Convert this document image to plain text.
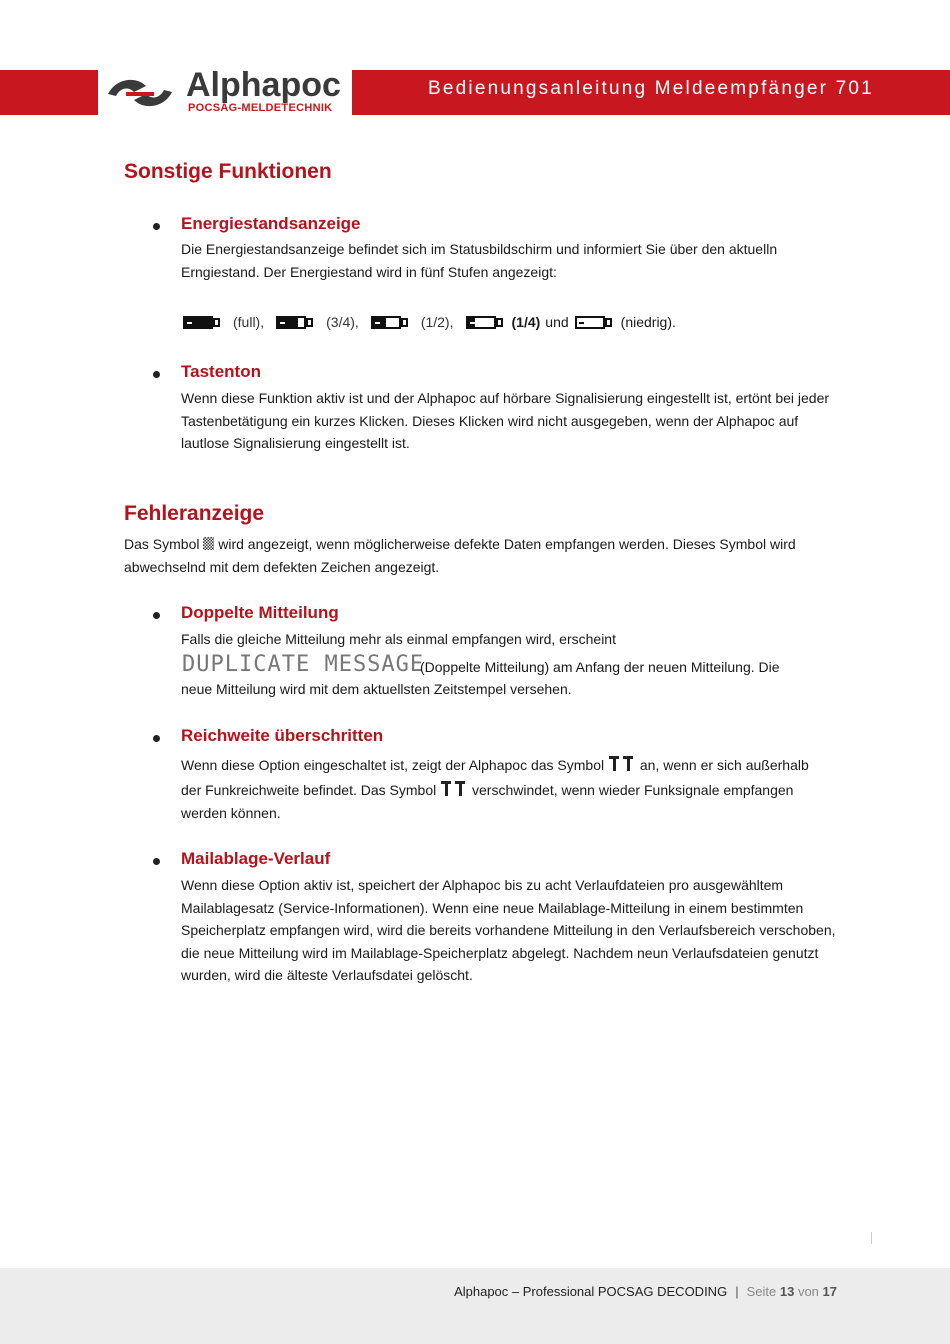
Alphapoc
POCSAG-MELDETECHNIK
Bedienungsanleitung Meldeempfänger 701
Sonstige Funktionen
Energiestandsanzeige

Die Energiestandsanzeige befindet sich im Statusbildschirm und informiert Sie über den aktuelln Erngiestand. Der Energiestand wird in fünf Stufen angezeigt:

(full),	(3/4),	(1/2),	(1/4) und	(niedrig).
Tastenton

Wenn diese Funktion aktiv ist und der Alphapoc auf hörbare Signalisierung eingestellt ist, ertönt bei jeder Tastenbetätigung ein kurzes Klicken. Dieses Klicken wird nicht ausgegeben, wenn der Alphapoc auf lautlose Signalisierung eingestellt ist.

Fehleranzeige

Das Symbol wird angezeigt, wenn möglicherweise defekte Daten empfangen werden. Dieses Symbol wird abwechselnd mit dem defekten Zeichen angezeigt.

Doppelte Mitteilung

Falls die gleiche Mitteilung mehr als einmal empfangen wird, erscheint

DUPLICATE MESSAGE

(Doppelte Mitteilung) am Anfang der neuen Mitteilung. Die

neue Mitteilung wird mit dem aktuellsten Zeitstempel versehen.

Reichweite überschritten

Wenn diese Option eingeschaltet ist, zeigt der Alphapoc das Symbol	an, wenn er sich außerhalb

der Funkreichweite befindet. Das Symbol	verschwindet, wenn wieder Funksignale empfangen

werden können.

Mailablage-Verlauf

Wenn diese Option aktiv ist, speichert der Alphapoc bis zu acht Verlaufdateien pro ausgewähltem Mailablagesatz (Service-Informationen). Wenn eine neue Mailablage-Mitteilung in einem bestimmten Speicherplatz empfangen wird, wird die bereits vorhandene Mitteilung in den Verlaufsbereich verschoben, die neue Mitteilung wird im Mailablage-Speicherplatz abgelegt. Nachdem neun Verlaufsdateien genutzt wurden, wird die älteste Verlaufsdatei gelöscht.

Alphapoc – Professional POCSAG DECODING | Seite 13 von 17
